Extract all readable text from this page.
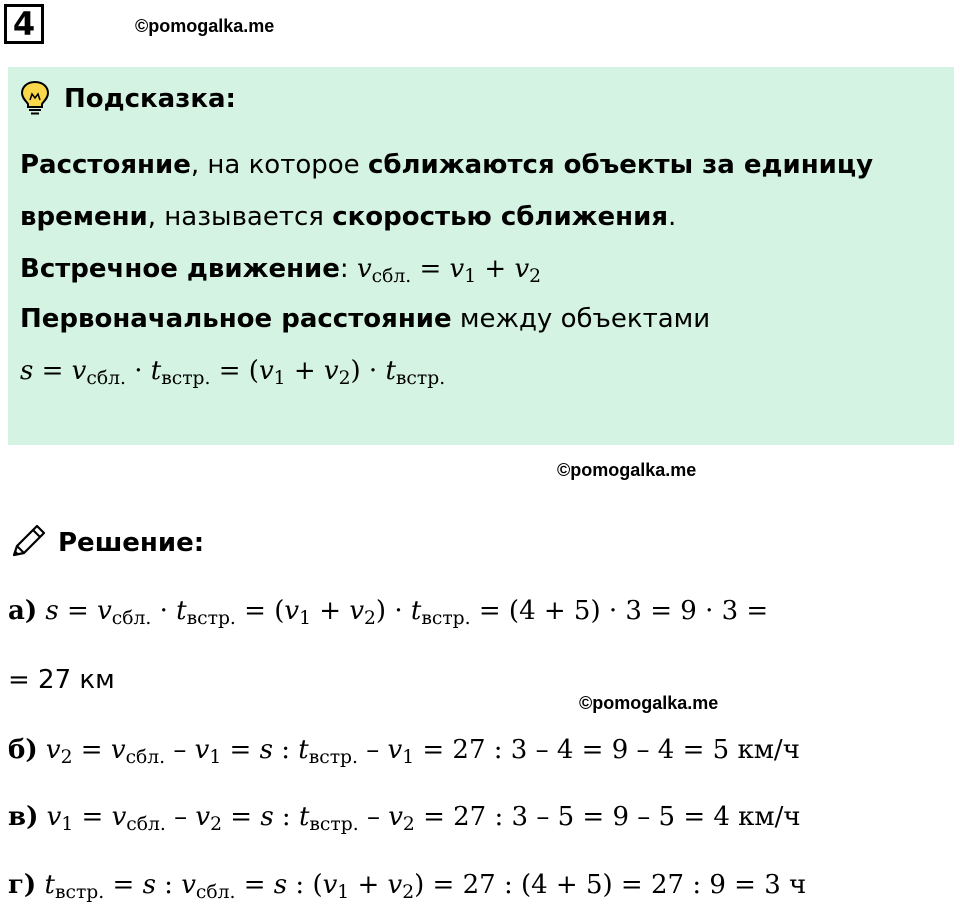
4	©pomogalka.me
Подсказка:
Расстояние, на которое сближаются объекты за единицу
времени, называется скоростью сближения.
Встречное движение: $v_{сбл.} = v_1 + v_2$
Первоначальное расстояние между объектами
$s = v_{сбл.} \cdot t_{встр.} = (v_1 + v_2) \cdot t_{встр.}$
©pomogalka.me
Решение:
а) $s = v_{сбл.} \cdot t_{встр.} = (v_1 + v_2) \cdot t_{встр.} = (4 + 5) \cdot 3 = 9 \cdot 3$ =
= 27 км
©pomogalka.me
б) $v_2 = v_{сбл.} - v_1 = s$ : $t_{встр.} - v_1 = 27$ : 3 – 4 = 9 – 4 = 5 км/ч
в) $v_1 = v_{сбл.} - v_2 = s$ : $t_{встр.} - v_2 = 27$ : 3 – 5 = 9 – 5 = 4 км/ч
г) $t_{встр.} = s$ : $v_{сбл.} = s$ : $(v_1 + v_2) = 27$ : (4 + 5) = 27 : 9 = 3 ч
